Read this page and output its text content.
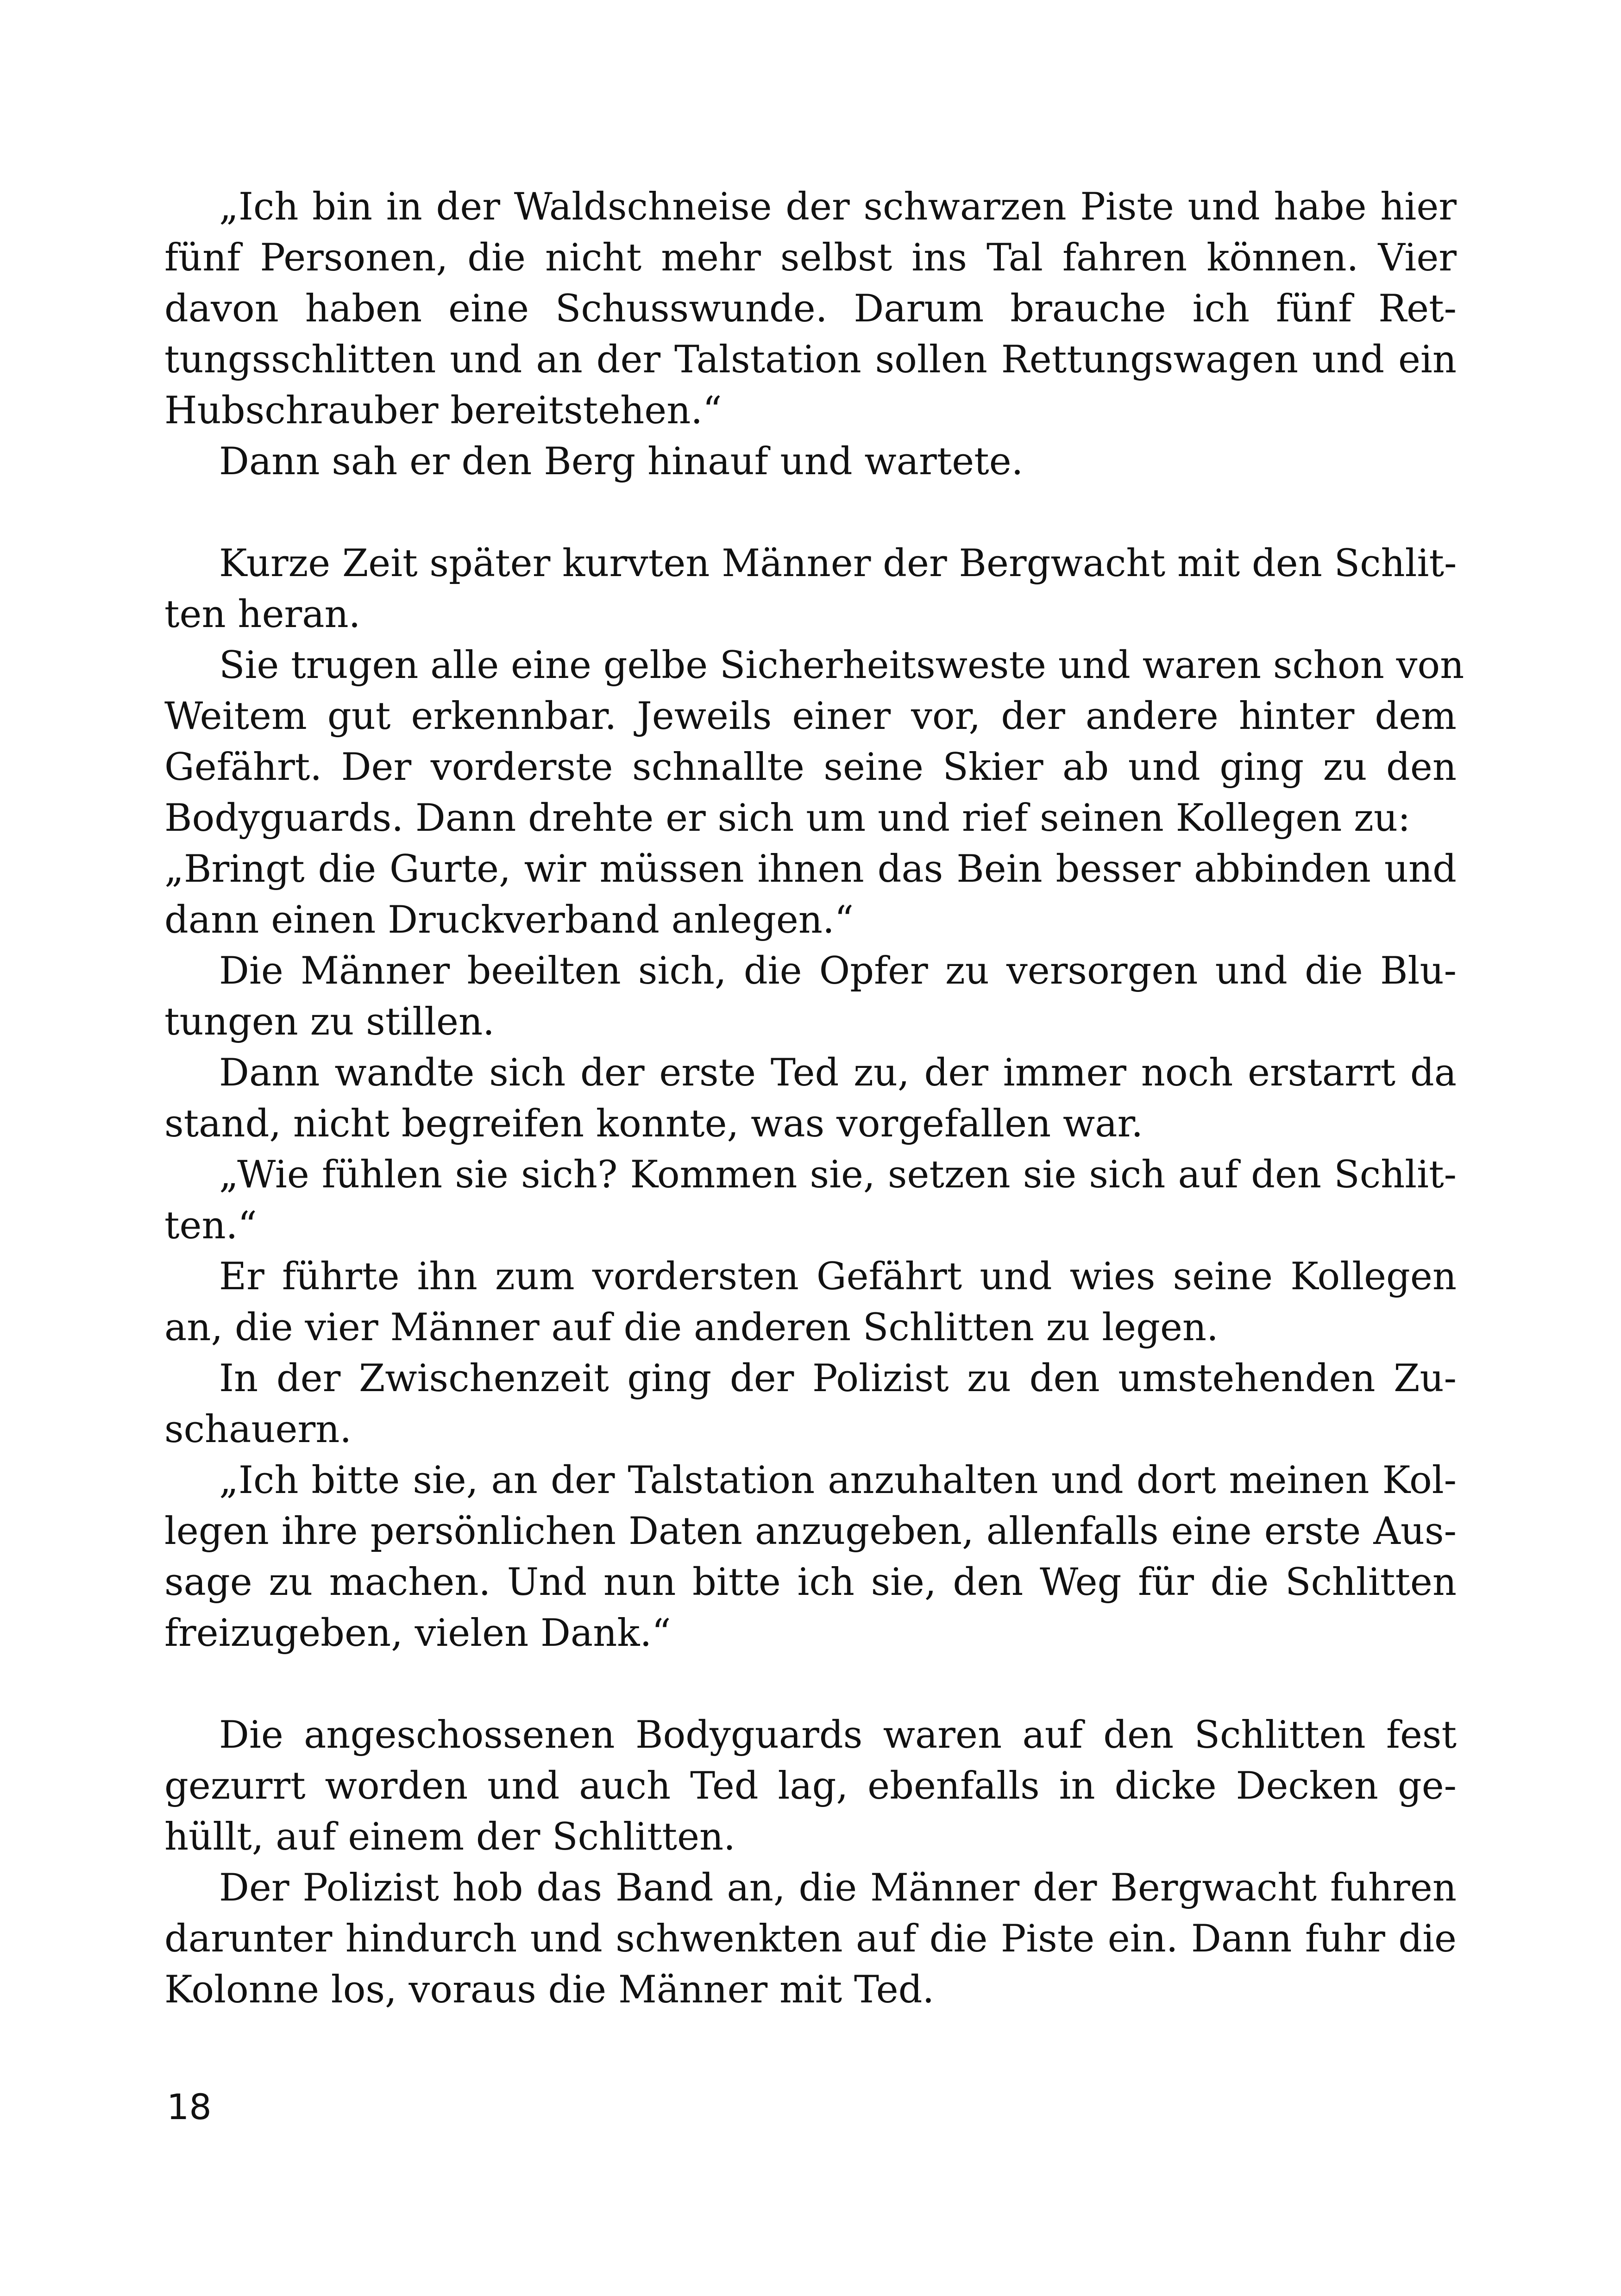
„Ich bin in der Waldschneise der schwarzen Piste und habe hier
fünf Personen, die nicht mehr selbst ins Tal fahren können. Vier
davon haben eine Schusswunde. Darum brauche ich fünf Ret-
tungsschlitten und an der Talstation sollen Rettungswagen und ein
Hubschrauber bereitstehen.“
Dann sah er den Berg hinauf und wartete.
Kurze Zeit später kurvten Männer der Bergwacht mit den Schlit-
ten heran.
Sie trugen alle eine gelbe Sicherheitsweste und waren schon von
Weitem gut erkennbar. Jeweils einer vor, der andere hinter dem
Gefährt. Der vorderste schnallte seine Skier ab und ging zu den
Bodyguards. Dann drehte er sich um und rief seinen Kollegen zu:
„Bringt die Gurte, wir müssen ihnen das Bein besser abbinden und
dann einen Druckverband anlegen.“
Die Männer beeilten sich, die Opfer zu versorgen und die Blu-
tungen zu stillen.
Dann wandte sich der erste Ted zu, der immer noch erstarrt da
stand, nicht begreifen konnte, was vorgefallen war.
„Wie fühlen sie sich? Kommen sie, setzen sie sich auf den Schlit-
ten.“
Er führte ihn zum vordersten Gefährt und wies seine Kollegen
an, die vier Männer auf die anderen Schlitten zu legen.
In der Zwischenzeit ging der Polizist zu den umstehenden Zu-
schauern.
„Ich bitte sie, an der Talstation anzuhalten und dort meinen Kol-
legen ihre persönlichen Daten anzugeben, allenfalls eine erste Aus-
sage zu machen. Und nun bitte ich sie, den Weg für die Schlitten
freizugeben, vielen Dank.“
Die angeschossenen Bodyguards waren auf den Schlitten fest
gezurrt worden und auch Ted lag, ebenfalls in dicke Decken ge-
hüllt, auf einem der Schlitten.
Der Polizist hob das Band an, die Männer der Bergwacht fuhren
darunter hindurch und schwenkten auf die Piste ein. Dann fuhr die
Kolonne los, voraus die Männer mit Ted.
18
